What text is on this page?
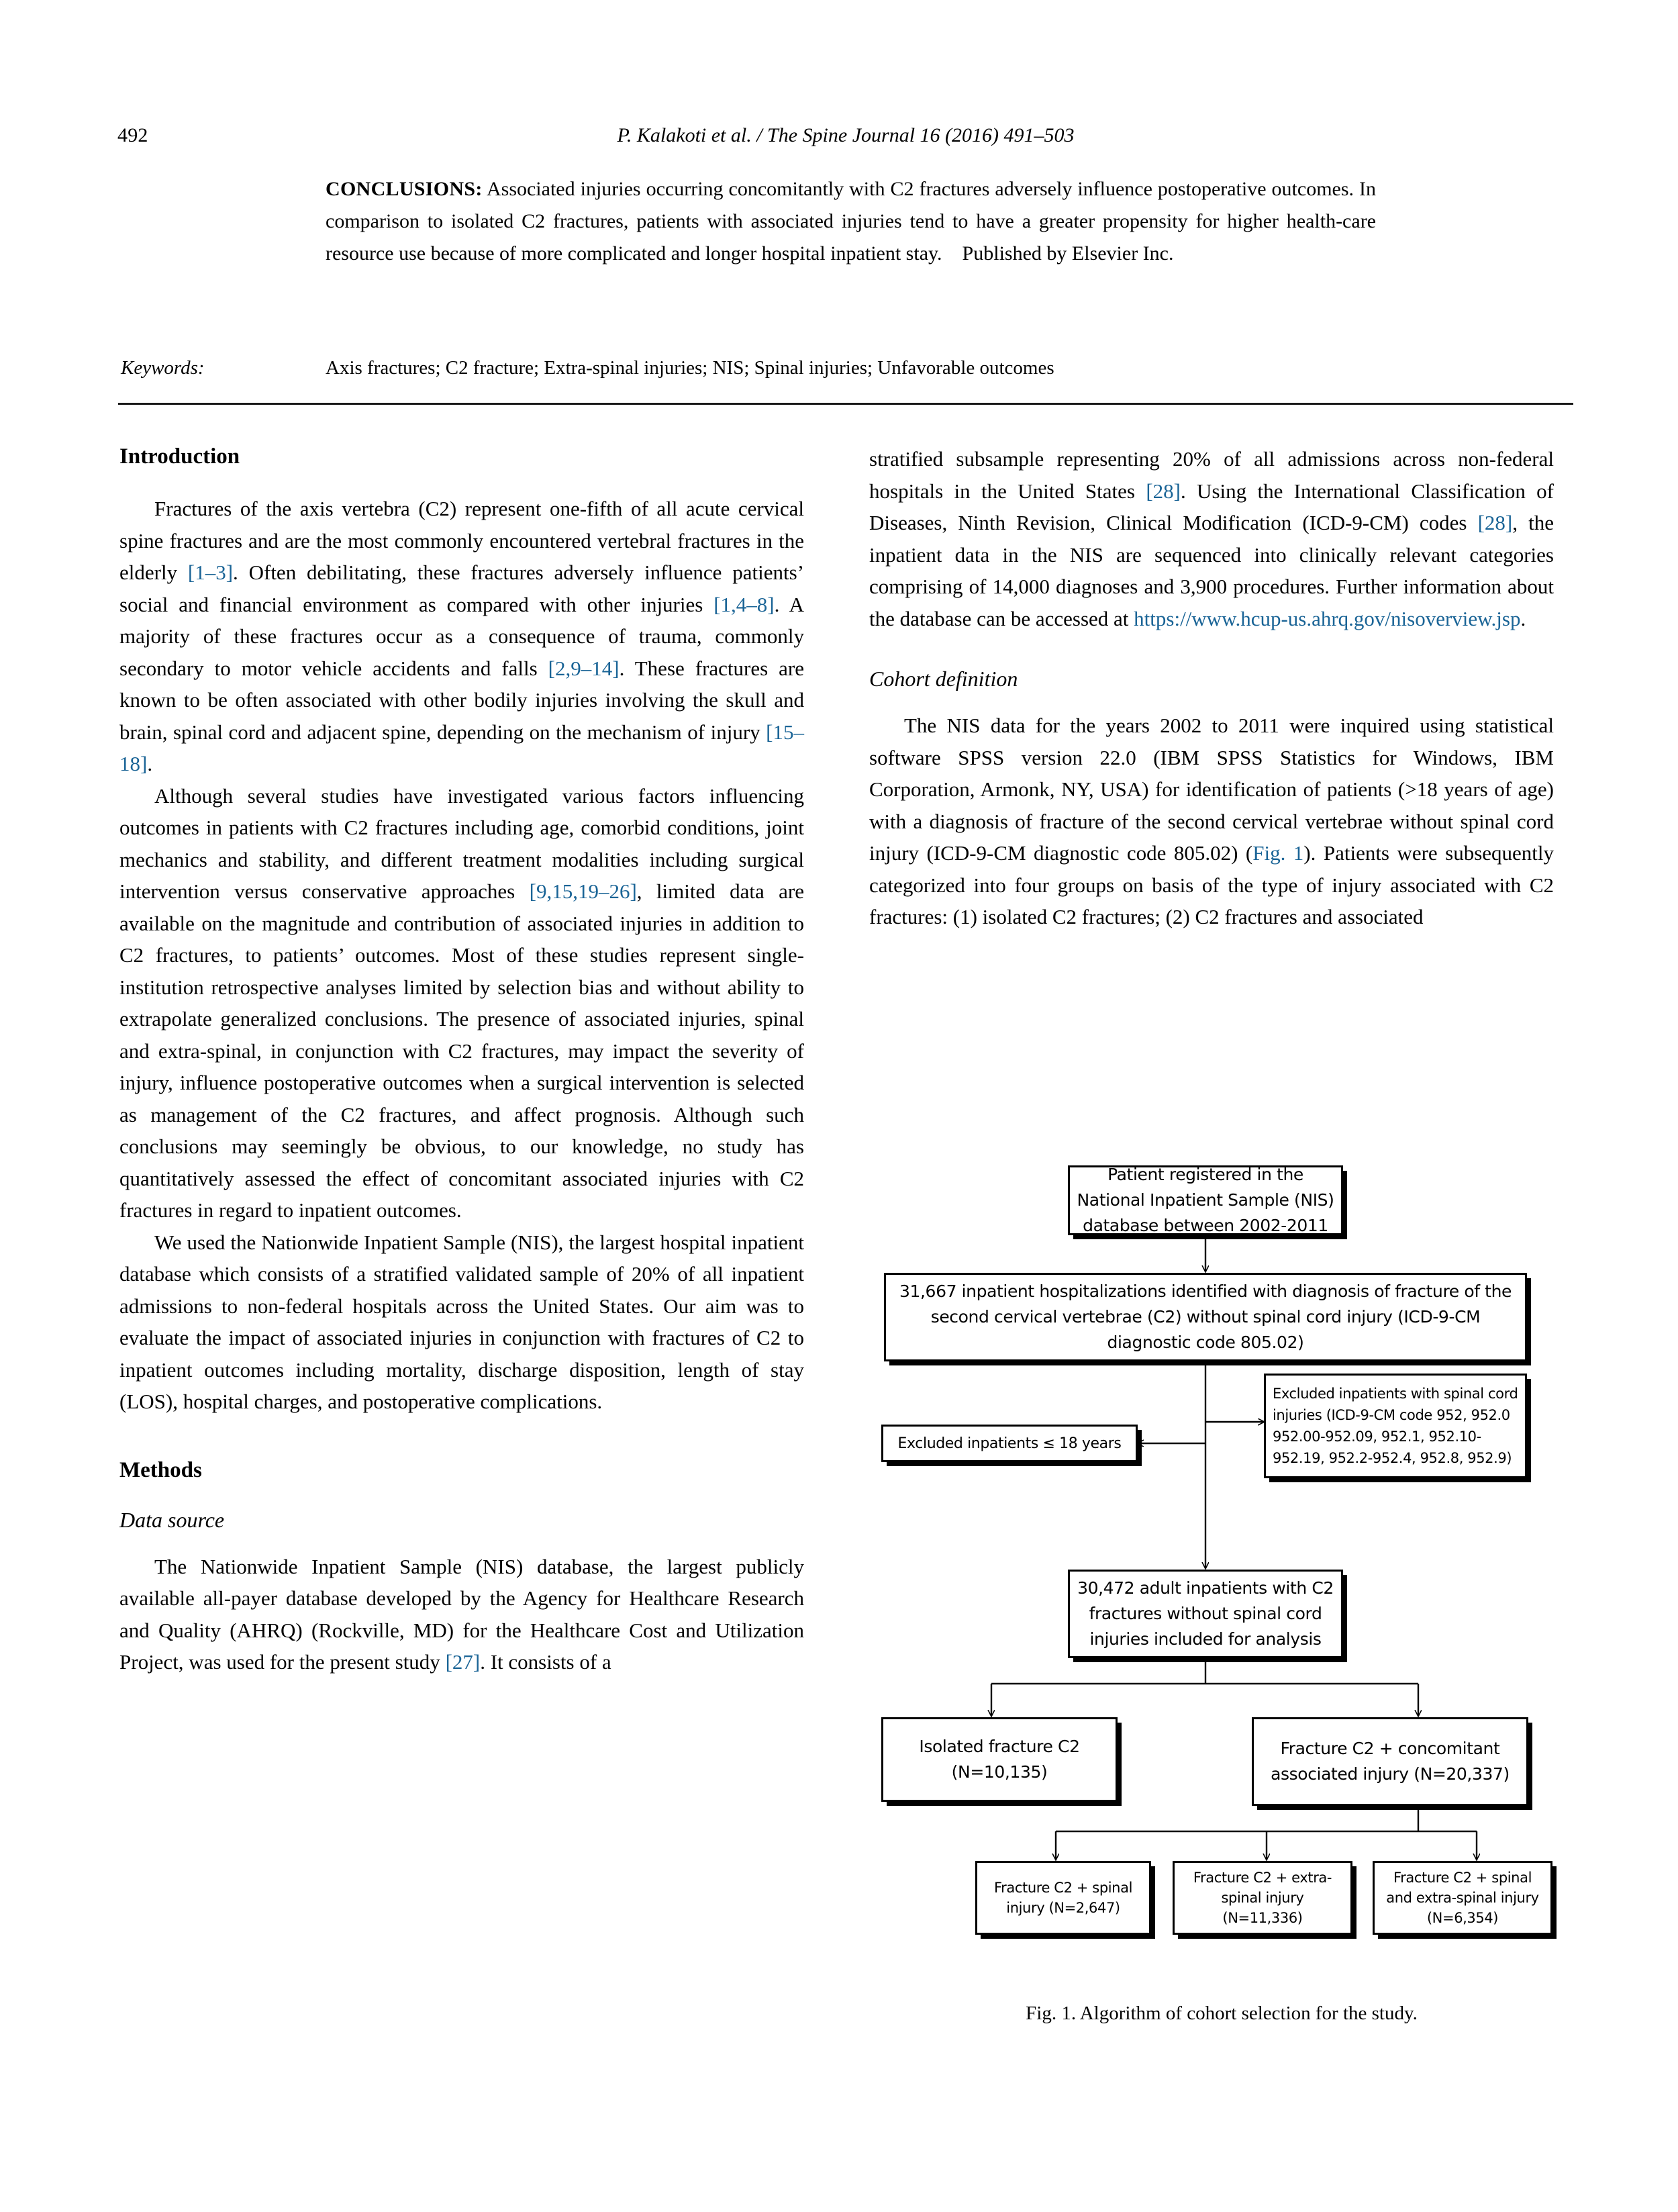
492	P. Kalakoti et al. / The Spine Journal 16 (2016) 491–503

CONCLUSIONS: Associated injuries occurring concomitantly with C2 fractures adversely influence postoperative outcomes. In comparison to isolated C2 fractures, patients with associated injuries tend to have a greater propensity for higher health-care resource use because of more complicated and longer hospital inpatient stay. Published by Elsevier Inc.

Keywords:	Axis fractures; C2 fracture; Extra-spinal injuries; NIS; Spinal injuries; Unfavorable outcomes
Introduction

Fractures of the axis vertebra (C2) represent one-fifth of all acute cervical spine fractures and are the most commonly encountered vertebral fractures in the elderly [1–3]. Often debilitating, these fractures adversely influence patients’ social and financial environment as compared with other injuries [1,4–8]. A majority of these fractures occur as a consequence of trauma, commonly secondary to motor vehicle accidents and falls [2,9–14]. These fractures are known to be often associated with other bodily injuries involving the skull and brain, spinal cord and adjacent spine, depending on the mechanism of injury [15–18].

Although several studies have investigated various factors influencing outcomes in patients with C2 fractures including age, comorbid conditions, joint mechanics and stability, and different treatment modalities including surgical intervention versus conservative approaches [9,15,19–26], limited data are available on the magnitude and contribution of associated injuries in addition to C2 fractures, to patients’ outcomes. Most of these studies represent single-institution retrospective analyses limited by selection bias and without ability to extrapolate generalized conclusions. The presence of associated injuries, spinal and extra-spinal, in conjunction with C2 fractures, may impact the severity of injury, influence postoperative outcomes when a surgical intervention is selected as management of the C2 fractures, and affect prognosis. Although such conclusions may seemingly be obvious, to our knowledge, no study has quantitatively assessed the effect of concomitant associated injuries with C2 fractures in regard to inpatient outcomes.

We used the Nationwide Inpatient Sample (NIS), the largest hospital inpatient database which consists of a stratified validated sample of 20% of all inpatient admissions to non-federal hospitals across the United States. Our aim was to evaluate the impact of associated injuries in conjunction with fractures of C2 to inpatient outcomes including mortality, discharge disposition, length of stay (LOS), hospital charges, and postoperative complications.

Methods
Data source

The Nationwide Inpatient Sample (NIS) database, the largest publicly available all-payer database developed by the Agency for Healthcare Research and Quality (AHRQ) (Rockville, MD) for the Healthcare Cost and Utilization Project, was used for the present study [27]. It consists of a

stratified subsample representing 20% of all admissions across non-federal hospitals in the United States [28]. Using the International Classification of Diseases, Ninth Revision, Clinical Modification (ICD-9-CM) codes [28], the inpatient data in the NIS are sequenced into clinically relevant categories comprising of 14,000 diagnoses and 3,900 procedures. Further information about the database can be accessed at https://www.hcup-us.ahrq.gov/nisoverview.jsp.

Cohort definition

The NIS data for the years 2002 to 2011 were inquired using statistical software SPSS version 22.0 (IBM SPSS Statistics for Windows, IBM Corporation, Armonk, NY, USA) for identification of patients (>18 years of age) with a diagnosis of fracture of the second cervical vertebrae without spinal cord injury (ICD-9-CM diagnostic code 805.02) (Fig. 1). Patients were subsequently categorized into four groups on basis of the type of injury associated with C2 fractures: (1) isolated C2 fractures; (2) C2 fractures and associated

Patient registered in the National Inpatient Sample (NIS) database between 2002-2011
31,667 inpatient hospitalizations identified with diagnosis of fracture of the second cervical vertebrae (C2) without spinal cord injury (ICD-9-CM diagnostic code 805.02)
Excluded inpatients ≤ 18 years
Excluded inpatients with spinal cord injuries (ICD-9-CM code 952, 952.0 952.00-952.09, 952.1, 952.10-952.19, 952.2-952.4, 952.8, 952.9)
30,472 adult inpatients with C2 fractures without spinal cord injuries included for analysis
Isolated fracture C2 (N=10,135)
Fracture C2 + concomitant associated injury (N=20,337)
Fracture C2 + spinal injury (N=2,647)
Fracture C2 + extra-spinal injury (N=11,336)
Fracture C2 + spinal and extra-spinal injury (N=6,354)
Fig. 1. Algorithm of cohort selection for the study.
